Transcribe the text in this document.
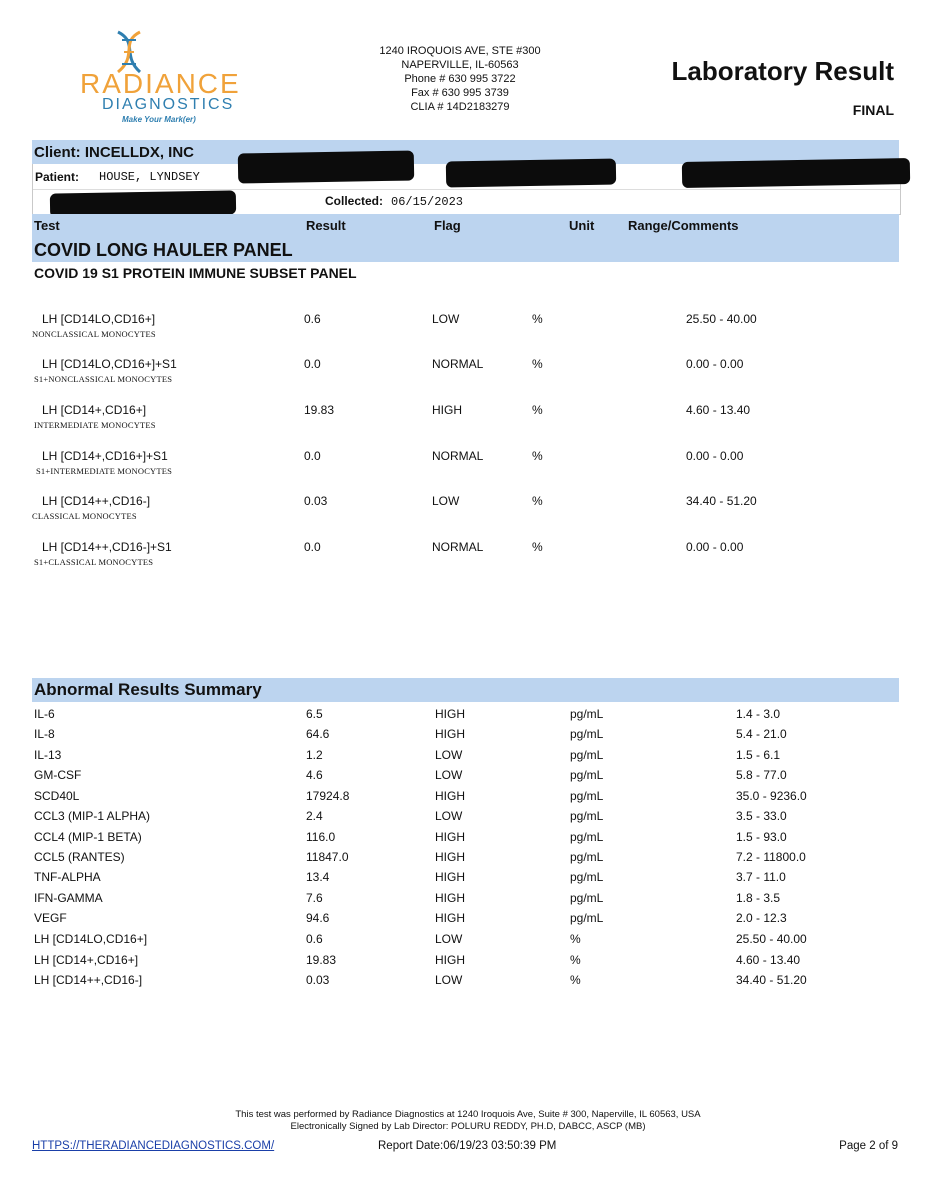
RADIANCE
DIAGNOSTICS
Make Your Mark(er)
1240 IROQUOIS AVE, STE #300
NAPERVILLE, IL-60563
Phone # 630 995 3722
Fax # 630 995 3739
CLIA # 14D2183279
Laboratory Result
FINAL
Client: INCELLDX, INC
Patient: HOUSE, LYNDSEY
Collected: 06/15/2023
Test	Result	Flag	Unit	Range/Comments
COVID LONG HAULER PANEL
COVID 19 S1 PROTEIN IMMUNE SUBSET PANEL
LH [CD14LO,CD16+]
NONCLASSICAL MONOCYTES
0.6	LOW	%	25.50 - 40.00
LH [CD14LO,CD16+]+S1
S1+NONCLASSICAL MONOCYTES
0.0	NORMAL	%	0.00 - 0.00
LH [CD14+,CD16+]
INTERMEDIATE MONOCYTES
19.83	HIGH	%	4.60 - 13.40
LH [CD14+,CD16+]+S1
S1+INTERMEDIATE MONOCYTES
0.0	NORMAL	%	0.00 - 0.00
LH [CD14++,CD16-]
CLASSICAL MONOCYTES
0.03	LOW	%	34.40 - 51.20
LH [CD14++,CD16-]+S1
S1+CLASSICAL MONOCYTES
0.0	NORMAL	%	0.00 - 0.00
Abnormal Results Summary
IL-6	6.5	HIGH	pg/mL	1.4 - 3.0
IL-8	64.6	HIGH	pg/mL	5.4 - 21.0
IL-13	1.2	LOW	pg/mL	1.5 - 6.1
GM-CSF	4.6	LOW	pg/mL	5.8 - 77.0
SCD40L	17924.8	HIGH	pg/mL	35.0 - 9236.0
CCL3 (MIP-1 ALPHA)	2.4	LOW	pg/mL	3.5 - 33.0
CCL4 (MIP-1 BETA)	116.0	HIGH	pg/mL	1.5 - 93.0
CCL5 (RANTES)	11847.0	HIGH	pg/mL	7.2 - 11800.0
TNF-ALPHA	13.4	HIGH	pg/mL	3.7 - 11.0
IFN-GAMMA	7.6	HIGH	pg/mL	1.8 - 3.5
VEGF	94.6	HIGH	pg/mL	2.0 - 12.3
LH [CD14LO,CD16+]	0.6	LOW	%	25.50 - 40.00
LH [CD14+,CD16+]	19.83	HIGH	%	4.60 - 13.40
LH [CD14++,CD16-]	0.03	LOW	%	34.40 - 51.20
This test was performed by Radiance Diagnostics at 1240 Iroquois Ave, Suite # 300, Naperville, IL 60563, USA
Electronically Signed by Lab Director: POLURU REDDY, PH.D, DABCC, ASCP (MB)
HTTPS://THERADIANCEDIAGNOSTICS.COM/	Report Date:06/19/23 03:50:39 PM	Page 2 of 9
